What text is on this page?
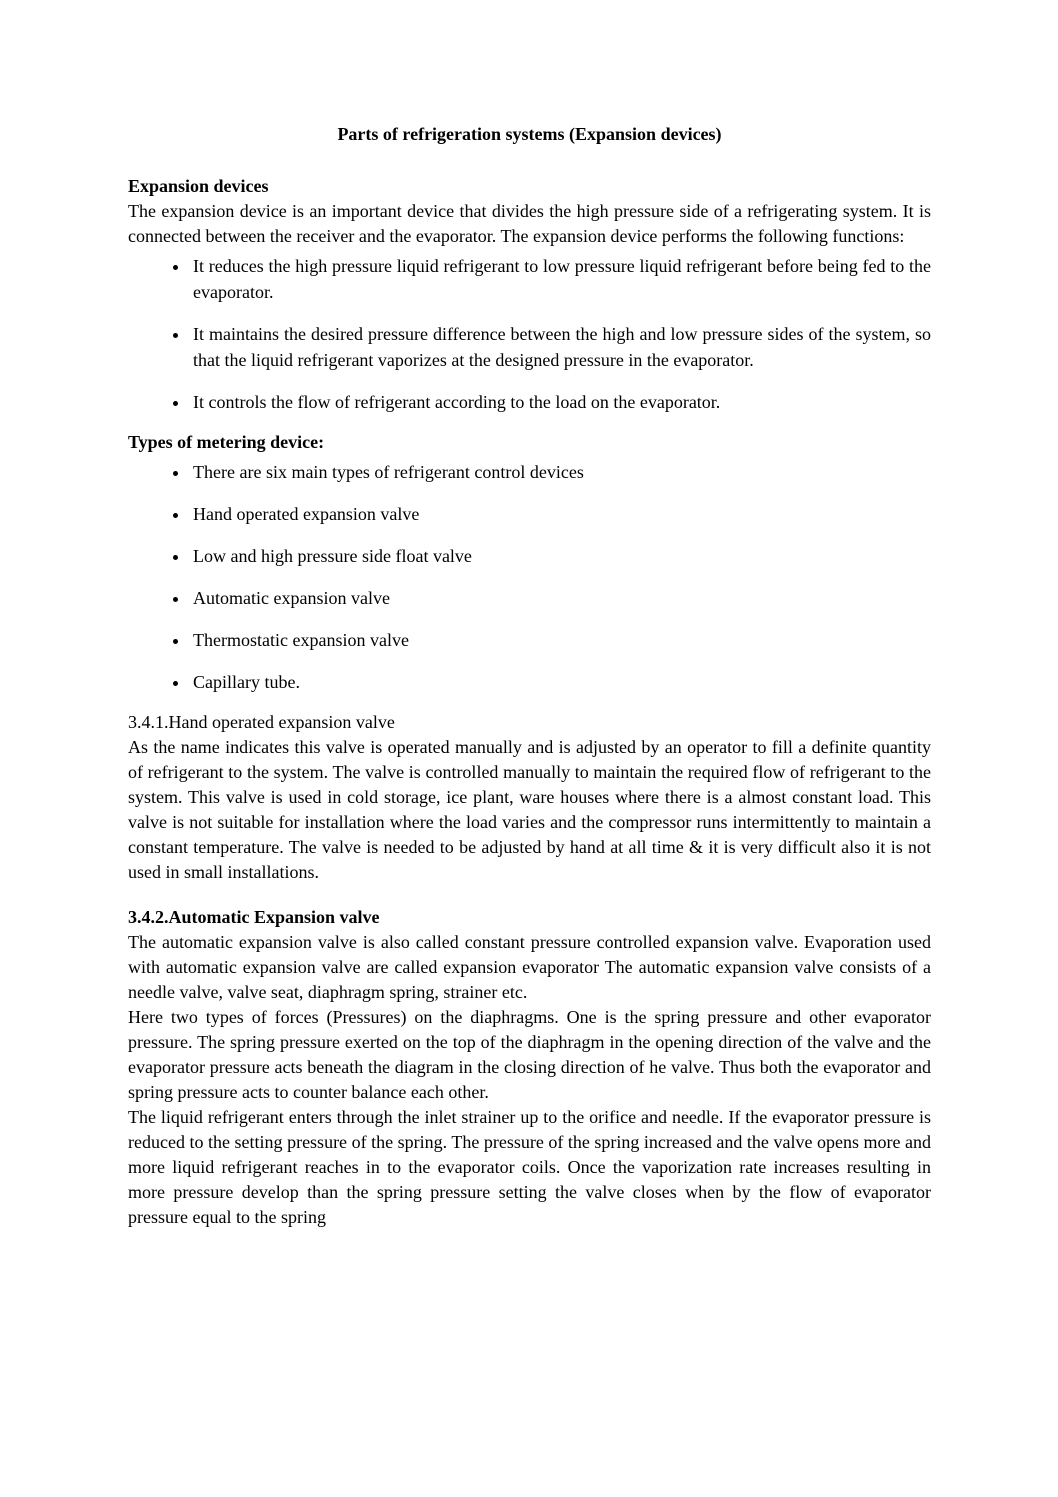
Parts of refrigeration systems (Expansion devices)
Expansion devices

The expansion device is an important device that divides the high pressure side of a refrigerating system. It is connected between the receiver and the evaporator. The expansion device performs the following functions:

• It reduces the high pressure liquid refrigerant to low pressure liquid refrigerant before being fed to the evaporator.
• It maintains the desired pressure difference between the high and low pressure sides of the system, so that the liquid refrigerant vaporizes at the designed pressure in the evaporator.
• It controls the flow of refrigerant according to the load on the evaporator.
Types of metering device:
• There are six main types of refrigerant control devices
• Hand operated expansion valve
• Low and high pressure side float valve
• Automatic expansion valve
• Thermostatic expansion valve
• Capillary tube.
3.4.1.Hand operated expansion valve

As the name indicates this valve is operated manually and is adjusted by an operator to fill a definite quantity of refrigerant to the system. The valve is controlled manually to maintain the required flow of refrigerant to the system. This valve is used in cold storage, ice plant, ware houses where there is a almost constant load. This valve is not suitable for installation where the load varies and the compressor runs intermittently to maintain a constant temperature. The valve is needed to be adjusted by hand at all time & it is very difficult also it is not used in small installations.

3.4.2.Automatic Expansion valve

The automatic expansion valve is also called constant pressure controlled expansion valve. Evaporation used with automatic expansion valve are called expansion evaporator The automatic expansion valve consists of a needle valve, valve seat, diaphragm spring, strainer etc.

Here two types of forces (Pressures) on the diaphragms. One is the spring pressure and other evaporator pressure. The spring pressure exerted on the top of the diaphragm in the opening direction of the valve and the evaporator pressure acts beneath the diagram in the closing direction of he valve. Thus both the evaporator and spring pressure acts to counter balance each other.

The liquid refrigerant enters through the inlet strainer up to the orifice and needle. If the evaporator pressure is reduced to the setting pressure of the spring. The pressure of the spring increased and the valve opens more and more liquid refrigerant reaches in to the evaporator coils. Once the vaporization rate increases resulting in more pressure develop than the spring pressure setting the valve closes when by the flow of evaporator pressure equal to the spring
